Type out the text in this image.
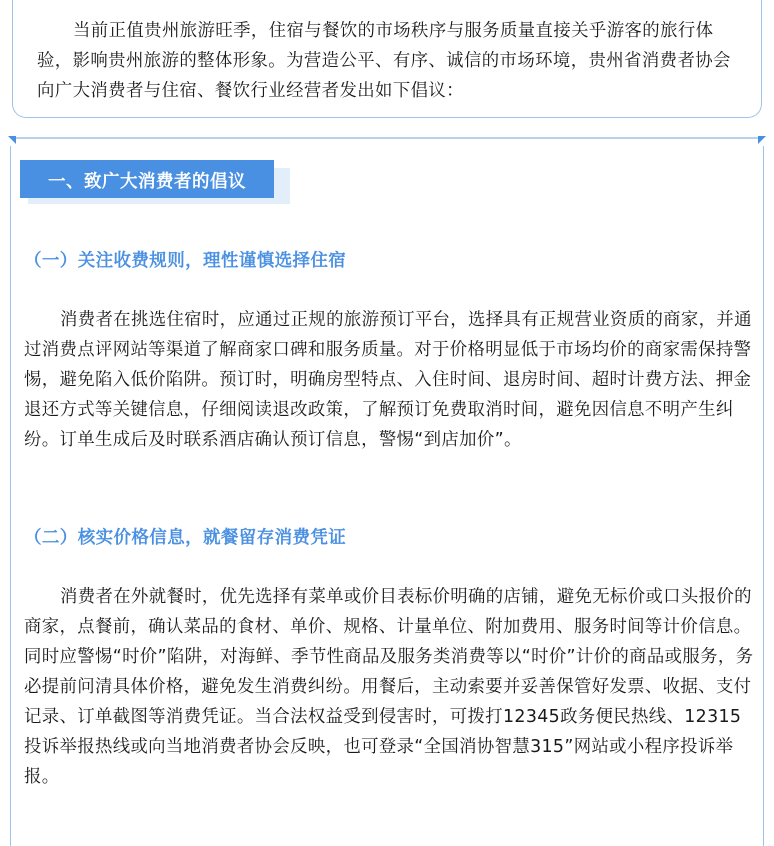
当前正值贵州旅游旺季，住宿与餐饮的市场秩序与服务质量直接关乎游客的旅行体验，影响贵州旅游的整体形象。为营造公平、有序、诚信的市场环境，贵州省消费者协会向广大消费者与住宿、餐饮行业经营者发出如下倡议：

一、致广大消费者的倡议
（一）关注收费规则，理性谨慎选择住宿

消费者在挑选住宿时，应通过正规的旅游预订平台，选择具有正规营业资质的商家，并通过消费点评网站等渠道了解商家口碑和服务质量。对于价格明显低于市场均价的商家需保持警惕，避免陷入低价陷阱。预订时，明确房型特点、入住时间、退房时间、超时计费方法、押金退还方式等关键信息，仔细阅读退改政策，了解预订免费取消时间，避免因信息不明产生纠纷。订单生成后及时联系酒店确认预订信息，警惕“到店加价”。

（二）核实价格信息，就餐留存消费凭证

消费者在外就餐时，优先选择有菜单或价目表标价明确的店铺，避免无标价或口头报价的商家，点餐前，确认菜品的食材、单价、规格、计量单位、附加费用、服务时间等计价信息。同时应警惕“时价”陷阱，对海鲜、季节性商品及服务类消费等以“时价”计价的商品或服务，务必提前问清具体价格，避免发生消费纠纷。用餐后，主动索要并妥善保管好发票、收据、支付记录、订单截图等消费凭证。当合法权益受到侵害时，可拨打12345政务便民热线、12315投诉举报热线或向当地消费者协会反映，也可登录“全国消协智慧315”网站或小程序投诉举报。
